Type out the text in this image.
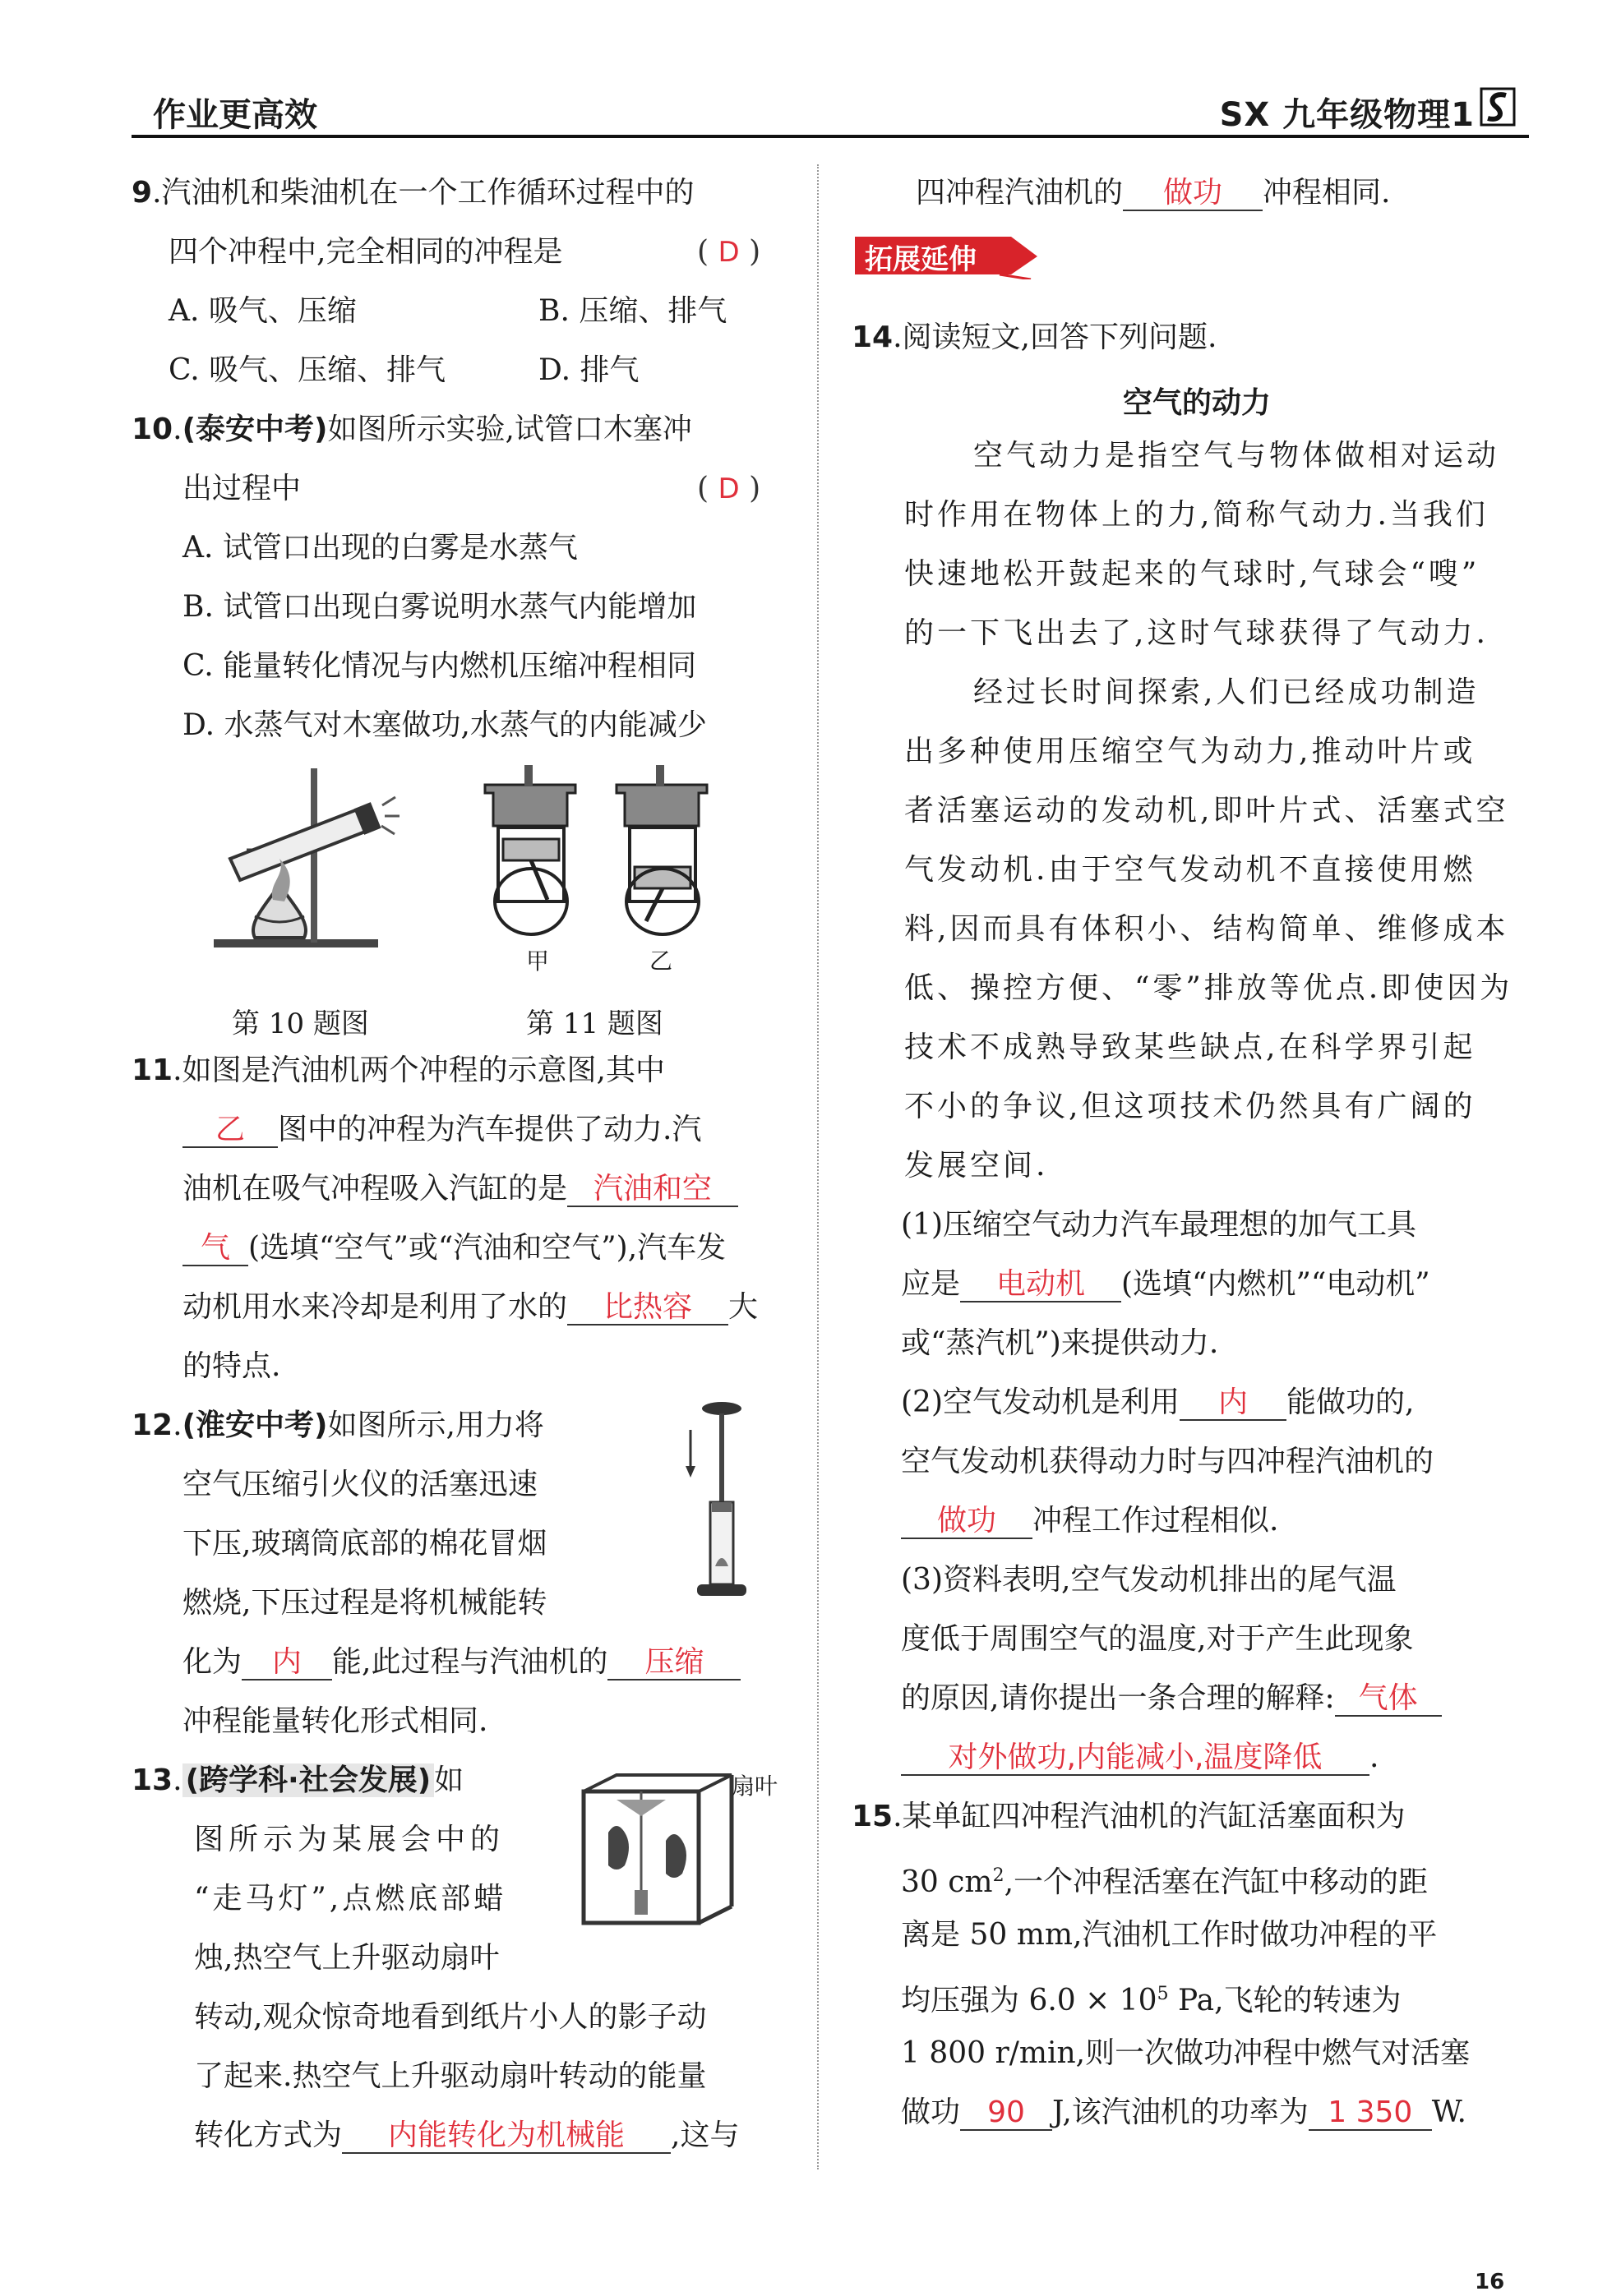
作业更高效	SX 九年级物理1
9.汽油机和柴油机在一个工作循环过程中的
四个冲程中,完全相同的冲程是	( D )
A. 吸气、压缩	B. 压缩、排气
C. 吸气、压缩、排气	D. 排气
10.(泰安中考)如图所示实验,试管口木塞冲
出过程中	( D )
A. 试管口出现的白雾是水蒸气
B. 试管口出现白雾说明水蒸气内能增加
C. 能量转化情况与内燃机压缩冲程相同
D. 水蒸气对木塞做功,水蒸气的内能减少
甲	乙
第 10 题图	第 11 题图
11.如图是汽油机两个冲程的示意图,其中
乙 图中的冲程为汽车提供了动力.汽
油机在吸气冲程吸入汽缸的是 汽油和空
气 (选填“空气”或“汽油和空气”),汽车发
动机用水来冷却是利用了水的 比热容 大
的特点.
12.(淮安中考)如图所示,用力将
空气压缩引火仪的活塞迅速
下压,玻璃筒底部的棉花冒烟
燃烧,下压过程是将机械能转
化为 内 能,此过程与汽油机的 压缩
冲程能量转化形式相同.
13. (跨学科·社会发展) 如
图所示为某展会中的
“走马灯”,点燃底部蜡
烛,热空气上升驱动扇叶
转动,观众惊奇地看到纸片小人的影子动
了起来.热空气上升驱动扇叶转动的能量
转化方式为 内能转化为机械能 ,这与
扇叶
四冲程汽油机的 做功 冲程相同.
拓展延伸
14.阅读短文,回答下列问题.
空气的动力
空气动力是指空气与物体做相对运动
时作用在物体上的力,简称气动力.当我们
快速地松开鼓起来的气球时,气球会“嗖”
的一下飞出去了,这时气球获得了气动力.
经过长时间探索,人们已经成功制造
出多种使用压缩空气为动力,推动叶片或
者活塞运动的发动机,即叶片式、活塞式空
气发动机.由于空气发动机不直接使用燃
料,因而具有体积小、结构简单、维修成本
低、操控方便、“零”排放等优点.即使因为
技术不成熟导致某些缺点,在科学界引起
不小的争议,但这项技术仍然具有广阔的
发展空间.
(1)压缩空气动力汽车最理想的加气工具
应是 电动机 (选填“内燃机”“电动机”
或“蒸汽机”)来提供动力.
(2)空气发动机是利用 内 能做功的,
空气发动机获得动力时与四冲程汽油机的
做功 冲程工作过程相似.
(3)资料表明,空气发动机排出的尾气温
度低于周围空气的温度,对于产生此现象
的原因,请你提出一条合理的解释: 气体
对外做功,内能减小,温度降低 .
15.某单缸四冲程汽油机的汽缸活塞面积为
30 $cm^2$,一个冲程活塞在汽缸中移动的距
离是 50 mm,汽油机工作时做功冲程的平
均压强为 $6.0 \times 10^5$ Pa,飞轮的转速为
1 800 r/min,则一次做功冲程中燃气对活塞
做功 90 J,该汽油机的功率为 1 350 W.
16
